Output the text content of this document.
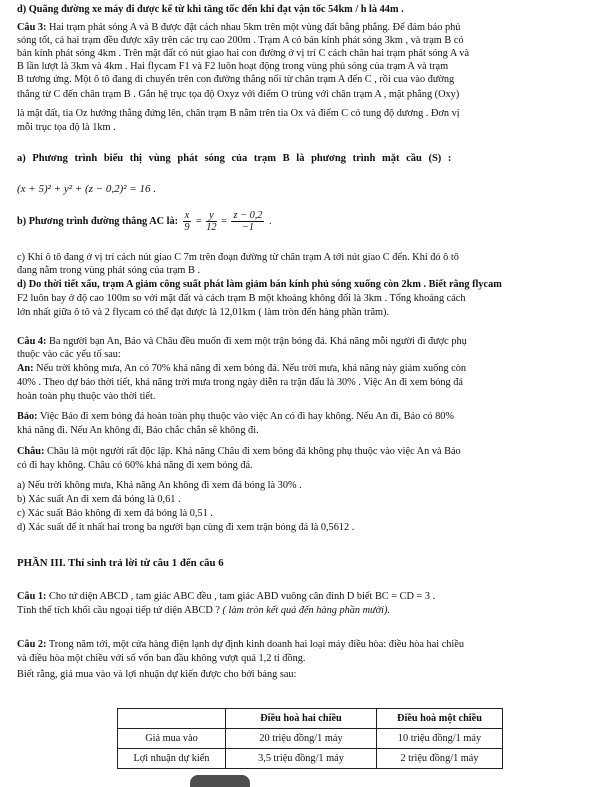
d) Quãng đường xe máy đi được kể từ khi tăng tốc đến khi đạt vận tốc 54km / h là 44m .
Câu 3: Hai trạm phát sóng A và B được đặt cách nhau 5km trên một vùng đất bằng phẳng. Để đảm bảo phủ
sóng tốt, cả hai trạm đều được xây trên các trụ cao 200m . Trạm A có bán kính phát sóng 3km , và trạm B có
bán kính phát sóng 4km . Trên mặt đất có nút giao hai con đường ở vị trí C cách chân hai trạm phát sóng A và
B lần lượt là 3km và 4km . Hai flycam F1 và F2 luôn hoạt động trong vùng phủ sóng của trạm A và trạm
B tương ứng. Một ô tô đang di chuyển trên con đường thẳng nối từ chân trạm A đến C , rồi cua vào đường
thẳng từ C đến chân trạm B . Gắn hệ trục tọa độ Oxyz với điểm O trùng với chân trạm A , mặt phẳng (Oxy)
là mặt đất, tia Oz hướng thẳng đứng lên, chân trạm B nằm trên tia Ox và điểm C có tung độ dương . Đơn vị
mỗi trục tọa độ là 1km .
a) Phương trình biểu thị vùng phát sóng của trạm B là phương trình mặt cầu (S) :
(x + 5)² + y² + (z − 0,2)² = 16 .
b) Phương trình đường thẳng AC là: $\frac{x}{9} = \frac{y}{12} = \frac{z - 0,2}{-1}$ .
c) Khi ô tô đang ở vị trí cách nút giao C 7m trên đoạn đường từ chân trạm A tới nút giao C đến. Khi đó ô tô
đang nằm trong vùng phát sóng của trạm B .
d) Do thời tiết xấu, trạm A giảm công suất phát làm giảm bán kính phủ sóng xuống còn 2km . Biết rằng flycam
F2 luôn bay ở độ cao 100m so với mặt đất và cách trạm B một khoảng không đổi là 3km . Tổng khoảng cách
lớn nhất giữa ô tô và 2 flycam có thể đạt được là 12,01km ( làm tròn đến hàng phần trăm).
Câu 4: Ba người bạn An, Bảo và Châu đều muốn đi xem một trận bóng đá. Khả năng mỗi người đi được phụ
thuộc vào các yếu tố sau:
An: Nếu trời không mưa, An có 70% khả năng đi xem bóng đá. Nếu trời mưa, khả năng này giảm xuống còn
40% . Theo dự báo thời tiết, khả năng trời mưa trong ngày diễn ra trận đấu là 30% . Việc An đi xem bóng đá
hoàn toàn phụ thuộc vào thời tiết.
Bảo: Việc Bảo đi xem bóng đá hoàn toàn phụ thuộc vào việc An có đi hay không. Nếu An đi, Bảo có 80%
khả năng đi. Nếu An không đi, Bảo chắc chắn sẽ không đi.
Châu: Châu là một người rất độc lập. Khả năng Châu đi xem bóng đá không phụ thuộc vào việc An và Bảo
có đi hay không. Châu có 60% khả năng đi xem bóng đá.
a) Nếu trời không mưa, Khả năng An không đi xem đá bóng là 30% .
b) Xác suất An đi xem đá bóng là 0,61 .
c) Xác suất Bảo không đi xem đá bóng là 0,51 .
d) Xác suất để ít nhất hai trong ba người bạn cùng đi xem trận bóng đá là 0,5612 .
PHẦN III. Thí sinh trả lời từ câu 1 đến câu 6
Câu 1: Cho tứ diện ABCD , tam giác ABC đều , tam giác ABD vuông cân đỉnh D biết BC = CD = 3 .
Tính thể tích khối cầu ngoại tiếp tứ diện ABCD ? ( làm tròn kết quả đến hàng phần mười).
Câu 2: Trong năm tới, một cửa hàng điện lạnh dự định kinh doanh hai loại máy điều hòa: điều hòa hai chiều
và điều hòa một chiều với số vốn ban đầu không vượt quá 1,2 tỉ đồng.
Biết rằng, giá mua vào và lợi nhuận dự kiến được cho bởi bảng sau:
	Điều hoà hai chiều	Điều hoà một chiều
Giá mua vào	20 triệu đồng/1 máy	10 triệu đồng/1 máy
Lợi nhuận dự kiến	3,5 triệu đồng/1 máy	2 triệu đồng/1 máy
